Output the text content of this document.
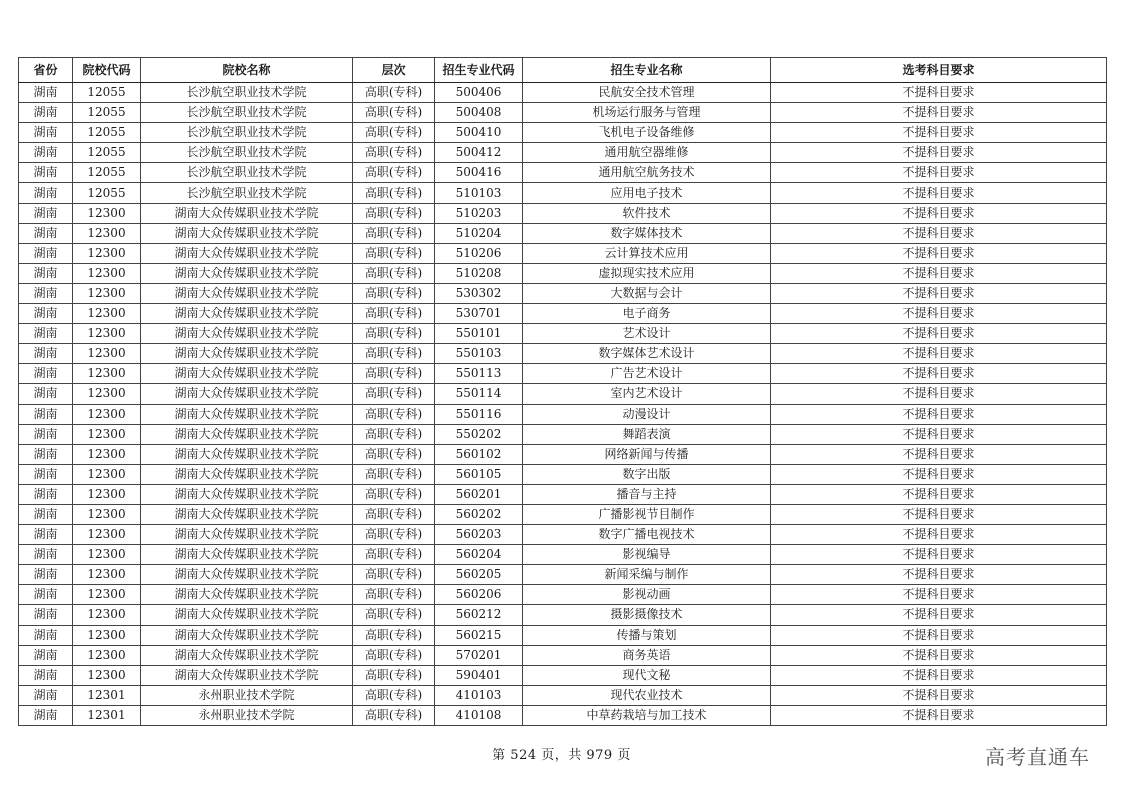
省份	院校代码	院校名称	层次	招生专业代码	招生专业名称	选考科目要求
湖南	12055	长沙航空职业技术学院	高职(专科)	500406	民航安全技术管理	不提科目要求
湖南	12055	长沙航空职业技术学院	高职(专科)	500408	机场运行服务与管理	不提科目要求
湖南	12055	长沙航空职业技术学院	高职(专科)	500410	飞机电子设备维修	不提科目要求
湖南	12055	长沙航空职业技术学院	高职(专科)	500412	通用航空器维修	不提科目要求
湖南	12055	长沙航空职业技术学院	高职(专科)	500416	通用航空航务技术	不提科目要求
湖南	12055	长沙航空职业技术学院	高职(专科)	510103	应用电子技术	不提科目要求
湖南	12300	湖南大众传媒职业技术学院	高职(专科)	510203	软件技术	不提科目要求
湖南	12300	湖南大众传媒职业技术学院	高职(专科)	510204	数字媒体技术	不提科目要求
湖南	12300	湖南大众传媒职业技术学院	高职(专科)	510206	云计算技术应用	不提科目要求
湖南	12300	湖南大众传媒职业技术学院	高职(专科)	510208	虚拟现实技术应用	不提科目要求
湖南	12300	湖南大众传媒职业技术学院	高职(专科)	530302	大数据与会计	不提科目要求
湖南	12300	湖南大众传媒职业技术学院	高职(专科)	530701	电子商务	不提科目要求
湖南	12300	湖南大众传媒职业技术学院	高职(专科)	550101	艺术设计	不提科目要求
湖南	12300	湖南大众传媒职业技术学院	高职(专科)	550103	数字媒体艺术设计	不提科目要求
湖南	12300	湖南大众传媒职业技术学院	高职(专科)	550113	广告艺术设计	不提科目要求
湖南	12300	湖南大众传媒职业技术学院	高职(专科)	550114	室内艺术设计	不提科目要求
湖南	12300	湖南大众传媒职业技术学院	高职(专科)	550116	动漫设计	不提科目要求
湖南	12300	湖南大众传媒职业技术学院	高职(专科)	550202	舞蹈表演	不提科目要求
湖南	12300	湖南大众传媒职业技术学院	高职(专科)	560102	网络新闻与传播	不提科目要求
湖南	12300	湖南大众传媒职业技术学院	高职(专科)	560105	数字出版	不提科目要求
湖南	12300	湖南大众传媒职业技术学院	高职(专科)	560201	播音与主持	不提科目要求
湖南	12300	湖南大众传媒职业技术学院	高职(专科)	560202	广播影视节目制作	不提科目要求
湖南	12300	湖南大众传媒职业技术学院	高职(专科)	560203	数字广播电视技术	不提科目要求
湖南	12300	湖南大众传媒职业技术学院	高职(专科)	560204	影视编导	不提科目要求
湖南	12300	湖南大众传媒职业技术学院	高职(专科)	560205	新闻采编与制作	不提科目要求
湖南	12300	湖南大众传媒职业技术学院	高职(专科)	560206	影视动画	不提科目要求
湖南	12300	湖南大众传媒职业技术学院	高职(专科)	560212	摄影摄像技术	不提科目要求
湖南	12300	湖南大众传媒职业技术学院	高职(专科)	560215	传播与策划	不提科目要求
湖南	12300	湖南大众传媒职业技术学院	高职(专科)	570201	商务英语	不提科目要求
湖南	12300	湖南大众传媒职业技术学院	高职(专科)	590401	现代文秘	不提科目要求
湖南	12301	永州职业技术学院	高职(专科)	410103	现代农业技术	不提科目要求
湖南	12301	永州职业技术学院	高职(专科)	410108	中草药栽培与加工技术	不提科目要求
第 524 页，共 979 页	高考直通车
